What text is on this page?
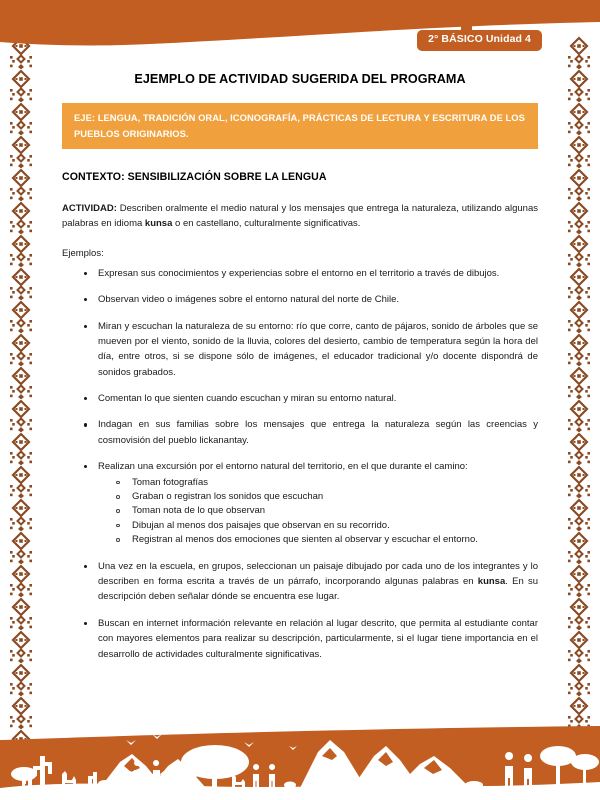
2° BÁSICO Unidad 4
EJEMPLO DE ACTIVIDAD SUGERIDA DEL PROGRAMA
EJE: LENGUA, TRADICIÓN ORAL, ICONOGRAFÍA, PRÁCTICAS DE LECTURA Y ESCRITURA DE LOS PUEBLOS ORIGINARIOS.
CONTEXTO: SENSIBILIZACIÓN SOBRE LA LENGUA
ACTIVIDAD: Describen oralmente el medio natural y los mensajes que entrega la naturaleza, utilizando algunas palabras en idioma kunsa o en castellano, culturalmente significativas.
Ejemplos:
Expresan sus conocimientos y experiencias sobre el entorno en el territorio a través de dibujos.
Observan video o imágenes sobre el entorno natural del norte de Chile.
Miran y escuchan la naturaleza de su entorno: río que corre, canto de pájaros, sonido de árboles que se mueven por el viento, sonido de la lluvia, colores del desierto, cambio de temperatura según la hora del día, entre otros, si se dispone sólo de imágenes, el educador tradicional y/o docente dispondrá de sonidos grabados.
Comentan lo que sienten cuando escuchan y miran su entorno natural.
Indagan en sus familias sobre los mensajes que entrega la naturaleza según las creencias y cosmovisión del pueblo lickanantay.
Realizan una excursión por el entorno natural del territorio, en el que durante el camino:
Toman fotografías
Graban o registran los sonidos que escuchan
Toman nota de lo que observan
Dibujan al menos dos paisajes que observan en su recorrido.
Registran al menos dos emociones que sienten al observar y escuchar el entorno.
Una vez en la escuela, en grupos, seleccionan un paisaje dibujado por cada uno de los integrantes y lo describen en forma escrita a través de un párrafo, incorporando algunas palabras en kunsa. En su descripción deben señalar dónde se encuentra ese lugar.
Buscan en internet información relevante en relación al lugar descrito, que permita al estudiante contar con mayores elementos para realizar su descripción, particularmente, si el lugar tiene importancia en el desarrollo de actividades culturalmente significativas.
